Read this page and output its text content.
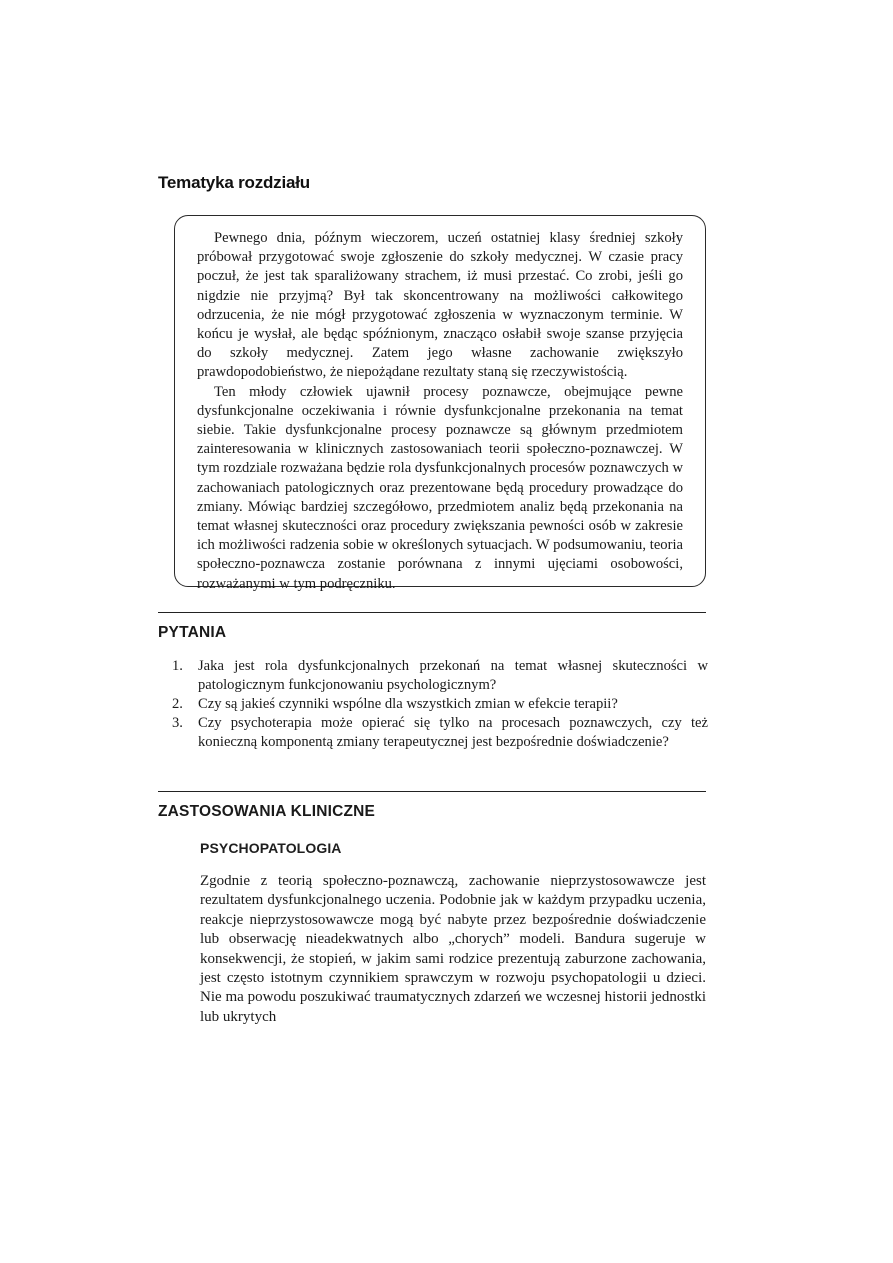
Tematyka rozdziału

Pewnego dnia, późnym wieczorem, uczeń ostatniej klasy średniej szkoły próbował przygotować swoje zgłoszenie do szkoły medycznej. W czasie pracy poczuł, że jest tak sparaliżowany strachem, iż musi przestać. Co zrobi, jeśli go nigdzie nie przyjmą? Był tak skoncentrowany na możliwości całkowitego odrzucenia, że nie mógł przygotować zgłoszenia w wyznaczonym terminie. W końcu je wysłał, ale będąc spóźnionym, znacząco osłabił swoje szanse przyjęcia do szkoły medycznej. Zatem jego własne zachowanie zwiększyło prawdopodobieństwo, że niepożądane rezultaty staną się rzeczywistością.

Ten młody człowiek ujawnił procesy poznawcze, obejmujące pewne dysfunkcjonalne oczekiwania i równie dysfunkcjonalne przekonania na temat siebie. Takie dysfunkcjonalne procesy poznawcze są głównym przedmiotem zainteresowania w klinicznych zastosowaniach teorii społeczno-poznawczej. W tym rozdziale rozważana będzie rola dysfunkcjonalnych procesów poznawczych w zachowaniach patologicznych oraz prezentowane będą procedury prowadzące do zmiany. Mówiąc bardziej szczegółowo, przedmiotem analiz będą przekonania na temat własnej skuteczności oraz procedury zwiększania pewności osób w zakresie ich możliwości radzenia sobie w określonych sytuacjach. W podsumowaniu, teoria społeczno-poznawcza zostanie porównana z innymi ujęciami osobowości, rozważanymi w tym podręczniku.

PYTANIA
1. Jaka jest rola dysfunkcjonalnych przekonań na temat własnej skuteczności w patologicznym funkcjonowaniu psychologicznym?
2. Czy są jakieś czynniki wspólne dla wszystkich zmian w efekcie terapii?
3. Czy psychoterapia może opierać się tylko na procesach poznawczych, czy też konieczną komponentą zmiany terapeutycznej jest bezpośrednie doświadczenie?
ZASTOSOWANIA KLINICZNE
PSYCHOPATOLOGIA

Zgodnie z teorią społeczno-poznawczą, zachowanie nieprzystosowawcze jest rezultatem dysfunkcjonalnego uczenia. Podobnie jak w każdym przypadku uczenia, reakcje nieprzystosowawcze mogą być nabyte przez bezpośrednie doświadczenie lub obserwację nieadekwatnych albo „chorych” modeli. Bandura sugeruje w konsekwencji, że stopień, w jakim sami rodzice prezentują zaburzone zachowania, jest często istotnym czynnikiem sprawczym w rozwoju psychopatologii u dzieci. Nie ma powodu poszukiwać traumatycznych zdarzeń we wczesnej historii jednostki lub ukrytych
